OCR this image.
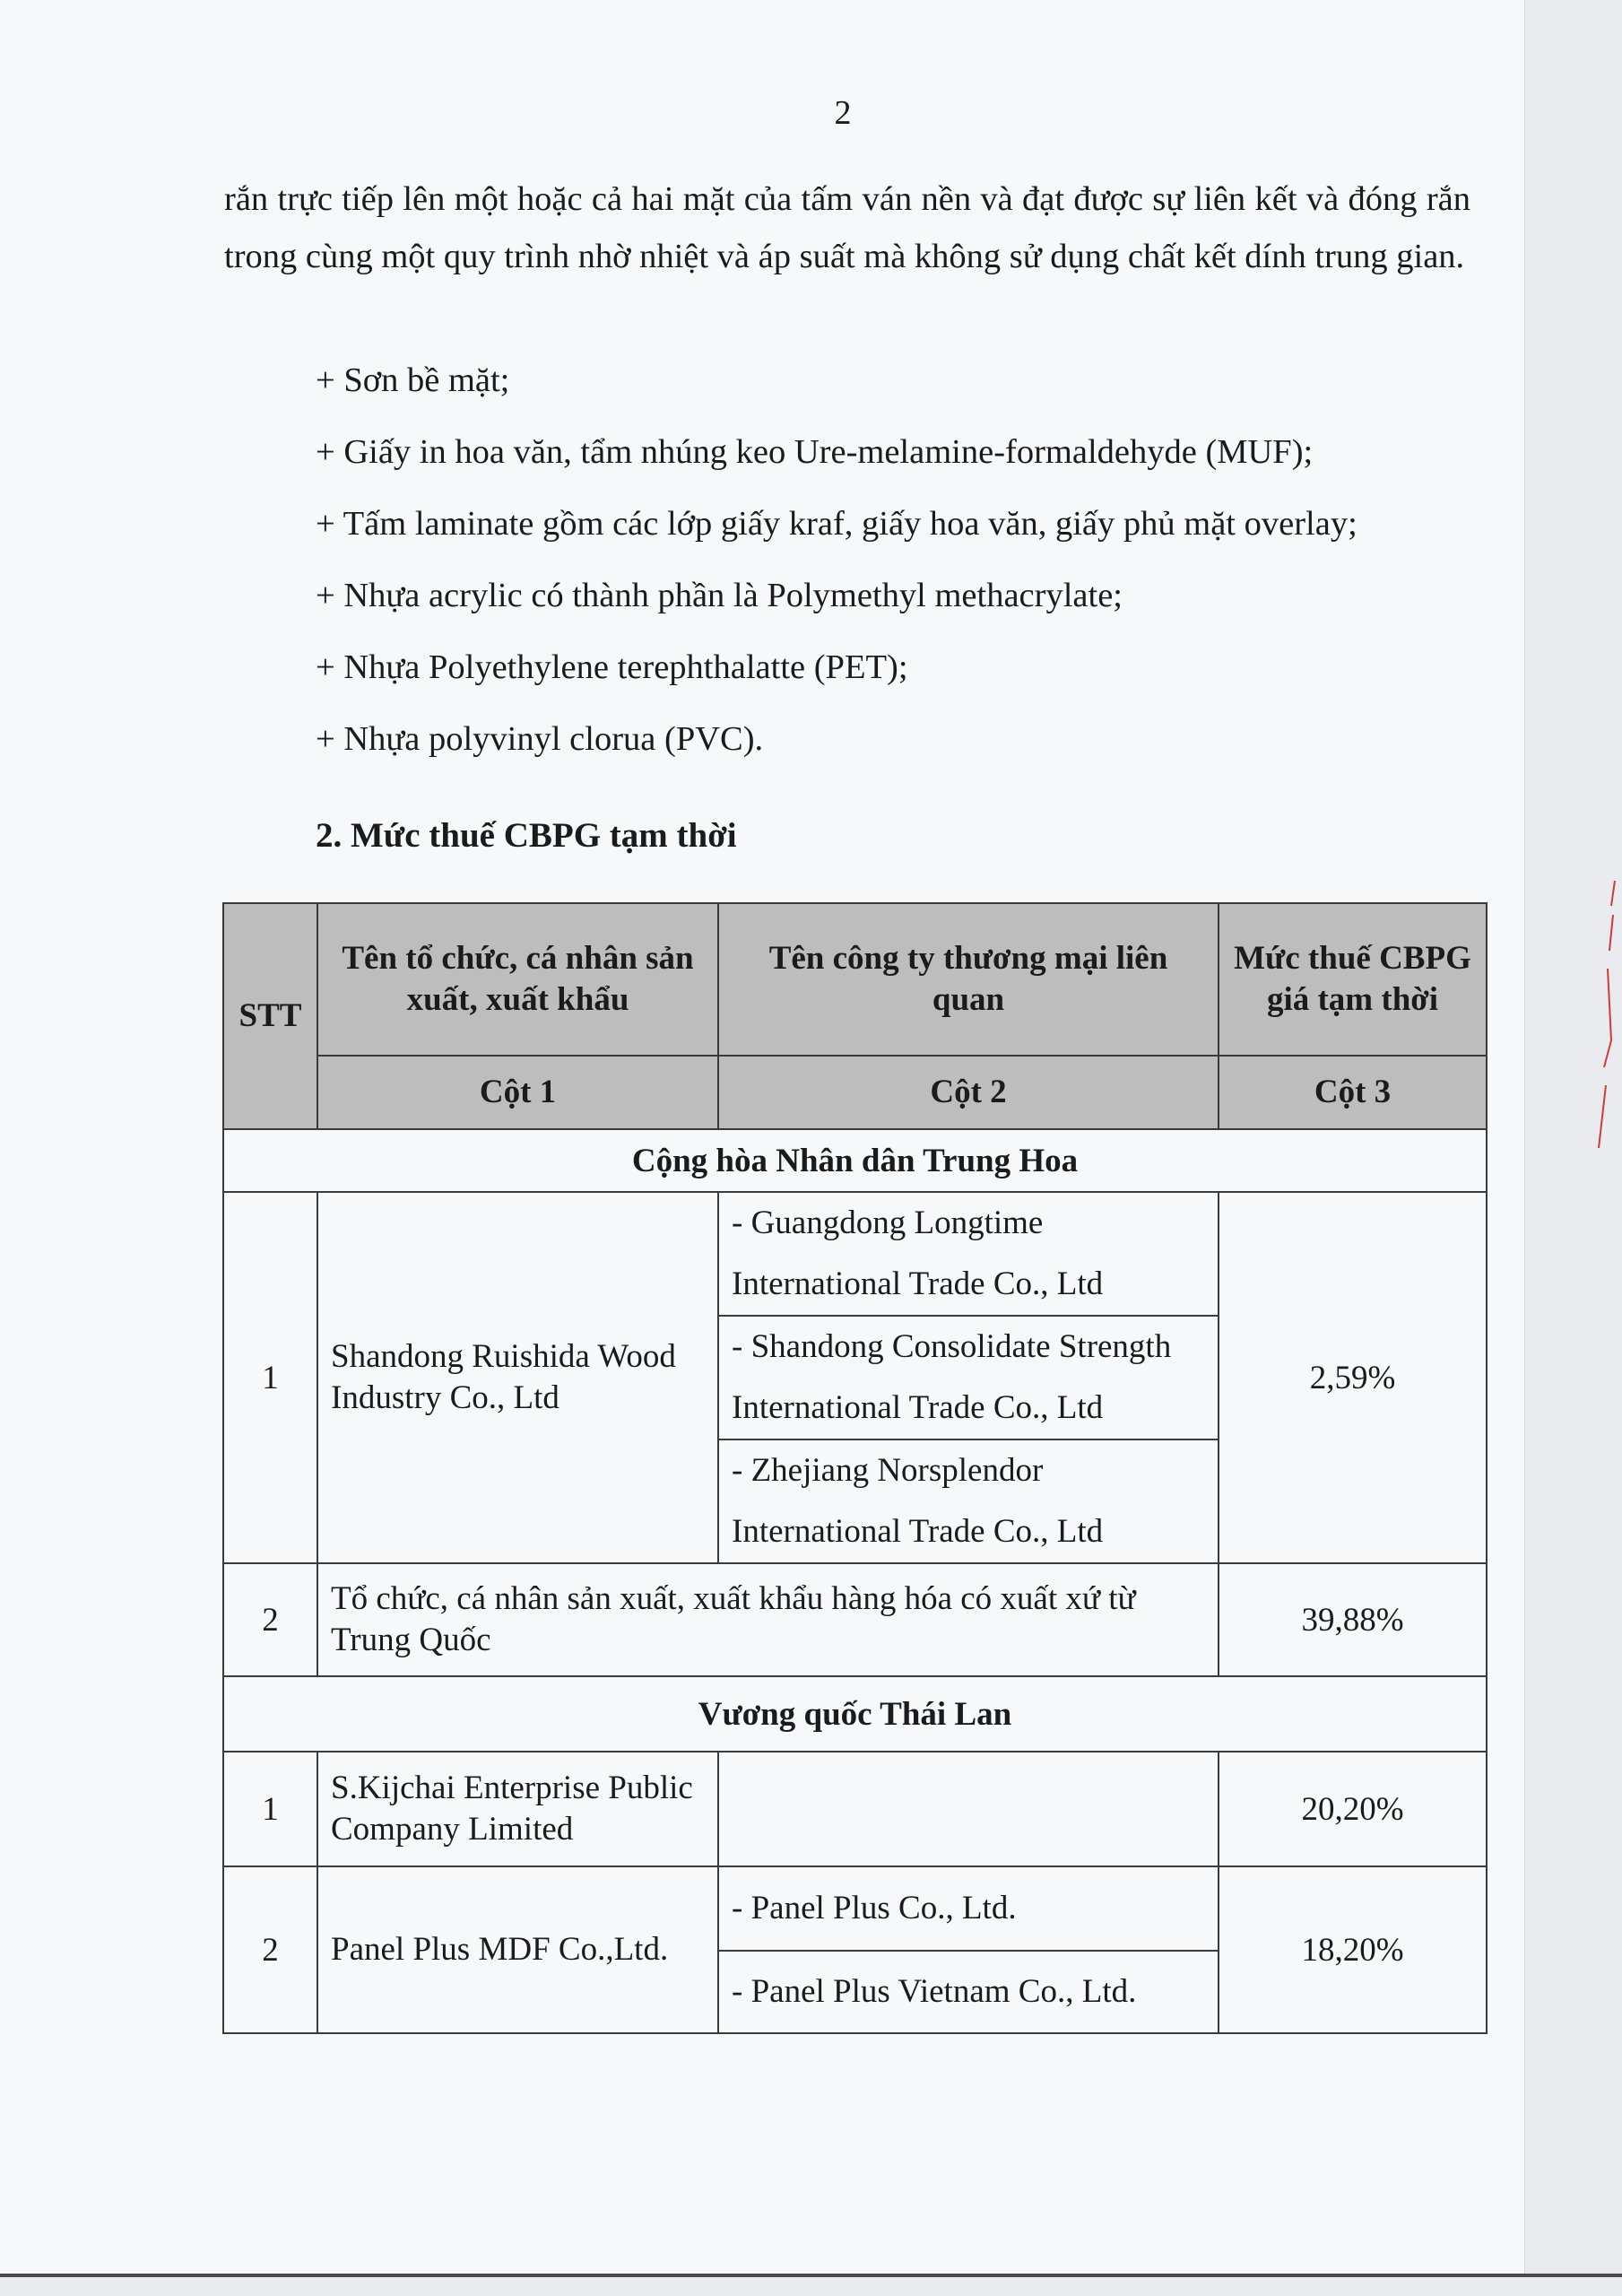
2

rắn trực tiếp lên một hoặc cả hai mặt của tấm ván nền và đạt được sự liên kết và đóng rắn trong cùng một quy trình nhờ nhiệt và áp suất mà không sử dụng chất kết dính trung gian.

+ Sơn bề mặt;
+ Giấy in hoa văn, tẩm nhúng keo Ure-melamine-formaldehyde (MUF);
+ Tấm laminate gồm các lớp giấy kraf, giấy hoa văn, giấy phủ mặt overlay;
+ Nhựa acrylic có thành phần là Polymethyl methacrylate;
+ Nhựa Polyethylene terephthalatte (PET);
+ Nhựa polyvinyl clorua (PVC).
2. Mức thuế CBPG tạm thời
STT	Tên tổ chức, cá nhân sản xuất, xuất khẩu	Tên công ty thương mại liên quan	Mức thuế CBPG giá tạm thời
	Cột 1	Cột 2	Cột 3
Cộng hòa Nhân dân Trung Hoa			
1	Shandong Ruishida Wood Industry Co., Ltd	- Guangdong Longtime International Trade Co., Ltd	2,59%
		- Shandong Consolidate Strength International Trade Co., Ltd	
		- Zhejiang Norsplendor International Trade Co., Ltd	
2	Tổ chức, cá nhân sản xuất, xuất khẩu hàng hóa có xuất xứ từ Trung Quốc		39,88%
Vương quốc Thái Lan			
1	S.Kijchai Enterprise Public Company Limited		20,20%
2	Panel Plus MDF Co.,Ltd.	- Panel Plus Co., Ltd.	18,20%
		- Panel Plus Vietnam Co., Ltd.	
